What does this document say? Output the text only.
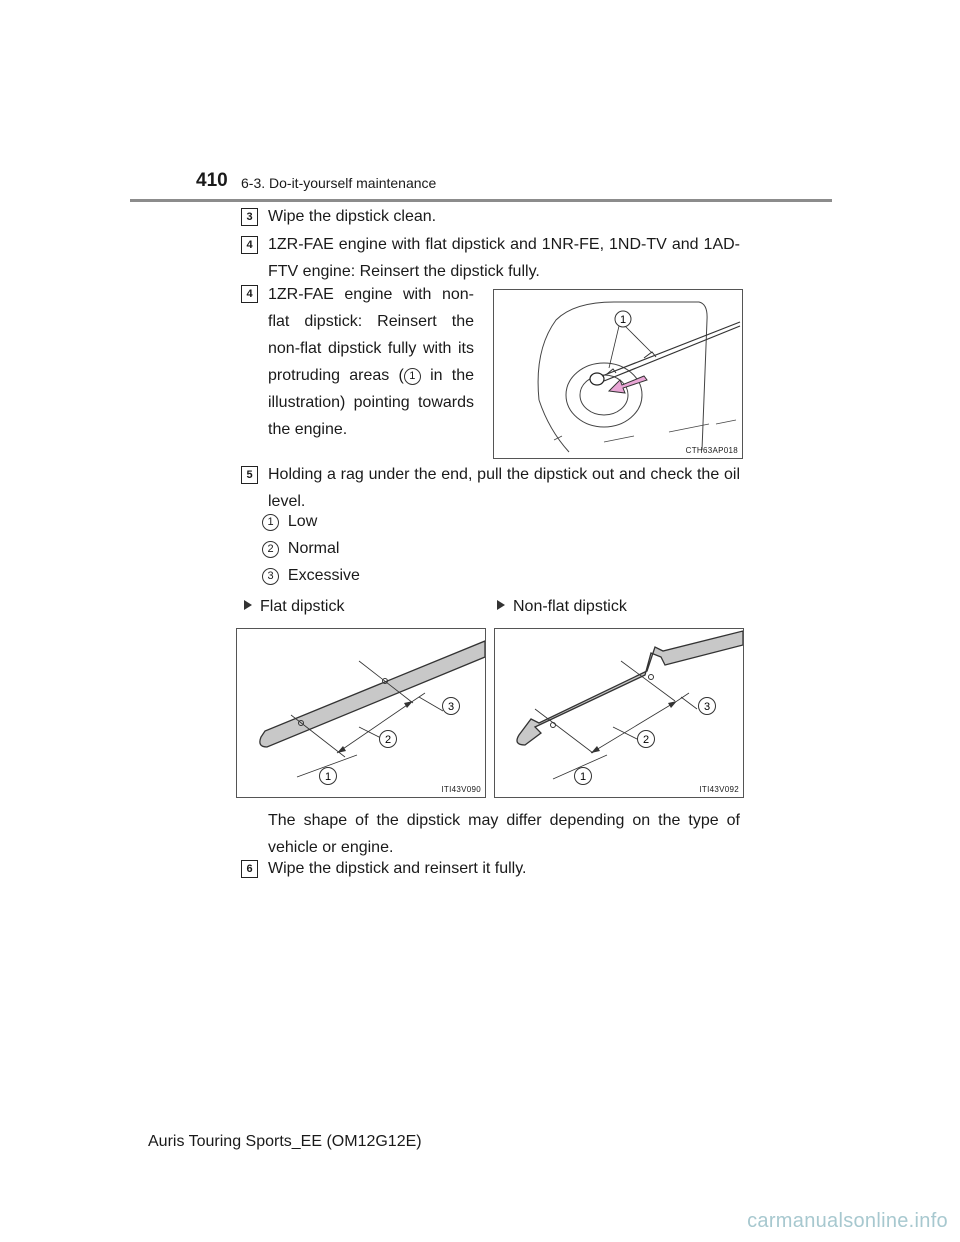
410 6-3. Do-it-yourself maintenance
3 Wipe the dipstick clean.
4 1ZR-FAE engine with flat dipstick and 1NR-FE, 1ND-TV and 1AD-FTV engine: Reinsert the dipstick fully.
4 1ZR-FAE engine with non-flat dipstick: Reinsert the non-flat dipstick fully with its protruding areas ( 1 in the illustration) pointing towards the engine.
1
CTH63AP018
5 Holding a rag under the end, pull the dipstick out and check the oil level.
1 Low
2 Normal
3 Excessive
Flat dipstick	Non-flat dipstick
1
2
3
ITI43V090
1
2
3
ITI43V092
The shape of the dipstick may differ depending on the type of vehicle or engine.
6 Wipe the dipstick and reinsert it fully.
Auris Touring Sports_EE (OM12G12E)
carmanualsonline.info
